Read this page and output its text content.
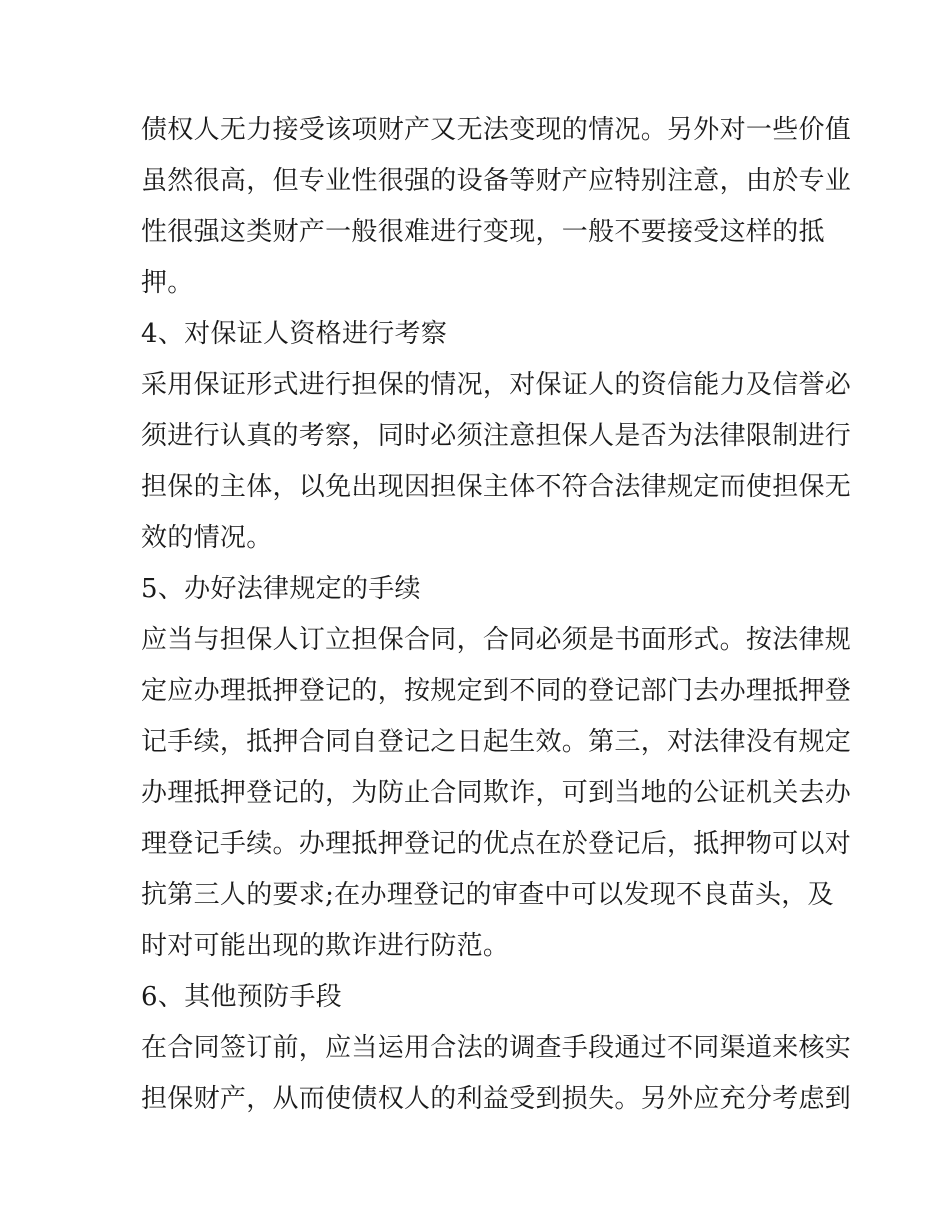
债权人无力接受该项财产又无法变现的情况。另外对一些价值
虽然很高，但专业性很强的设备等财产应特别注意，由於专业
性很强这类财产一般很难进行变现，一般不要接受这样的抵
押。
4、对保证人资格进行考察
采用保证形式进行担保的情况，对保证人的资信能力及信誉必
须进行认真的考察，同时必须注意担保人是否为法律限制进行
担保的主体，以免出现因担保主体不符合法律规定而使担保无
效的情况。
5、办好法律规定的手续
应当与担保人订立担保合同，合同必须是书面形式。按法律规
定应办理抵押登记的，按规定到不同的登记部门去办理抵押登
记手续，抵押合同自登记之日起生效。第三，对法律没有规定
办理抵押登记的，为防止合同欺诈，可到当地的公证机关去办
理登记手续。办理抵押登记的优点在於登记后，抵押物可以对
抗第三人的要求;在办理登记的审查中可以发现不良苗头，及
时对可能出现的欺诈进行防范。
6、其他预防手段
在合同签订前，应当运用合法的调查手段通过不同渠道来核实
担保财产，从而使债权人的利益受到损失。另外应充分考虑到
